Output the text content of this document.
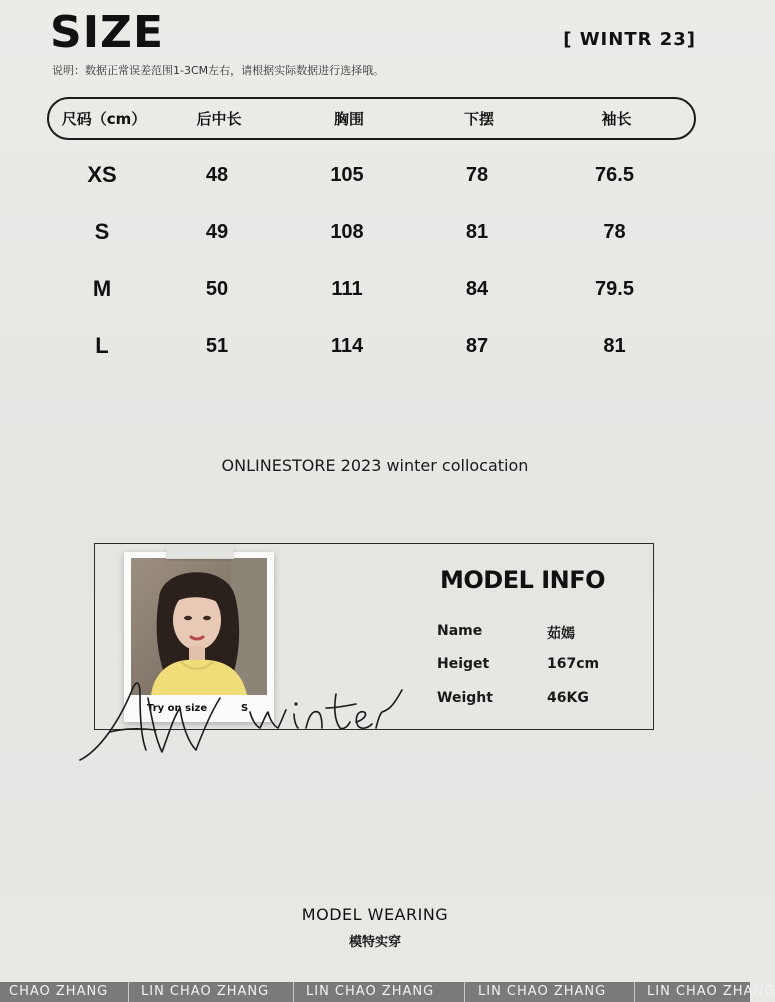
SIZE	[ WINTR 23]
说明：数据正常误差范围1-3CM左右，请根据实际数据进行选择哦。
尺码（cm）	后中长	胸围	下摆	袖长
XS	48	105	78	76.5
S	49	108	81	78
M	50	111	84	79.5
L	51	114	87	81
ONLINESTORE 2023 winter collocation
MODEL INFO
Name	茹嫣
Heiget	167cm
Weight	46KG
Try on size	S
MODEL WEARING
模特实穿
CHAO ZHANG	LIN CHAO ZHANG	LIN CHAO ZHANG	LIN CHAO ZHANG	LIN CHAO ZHANG
